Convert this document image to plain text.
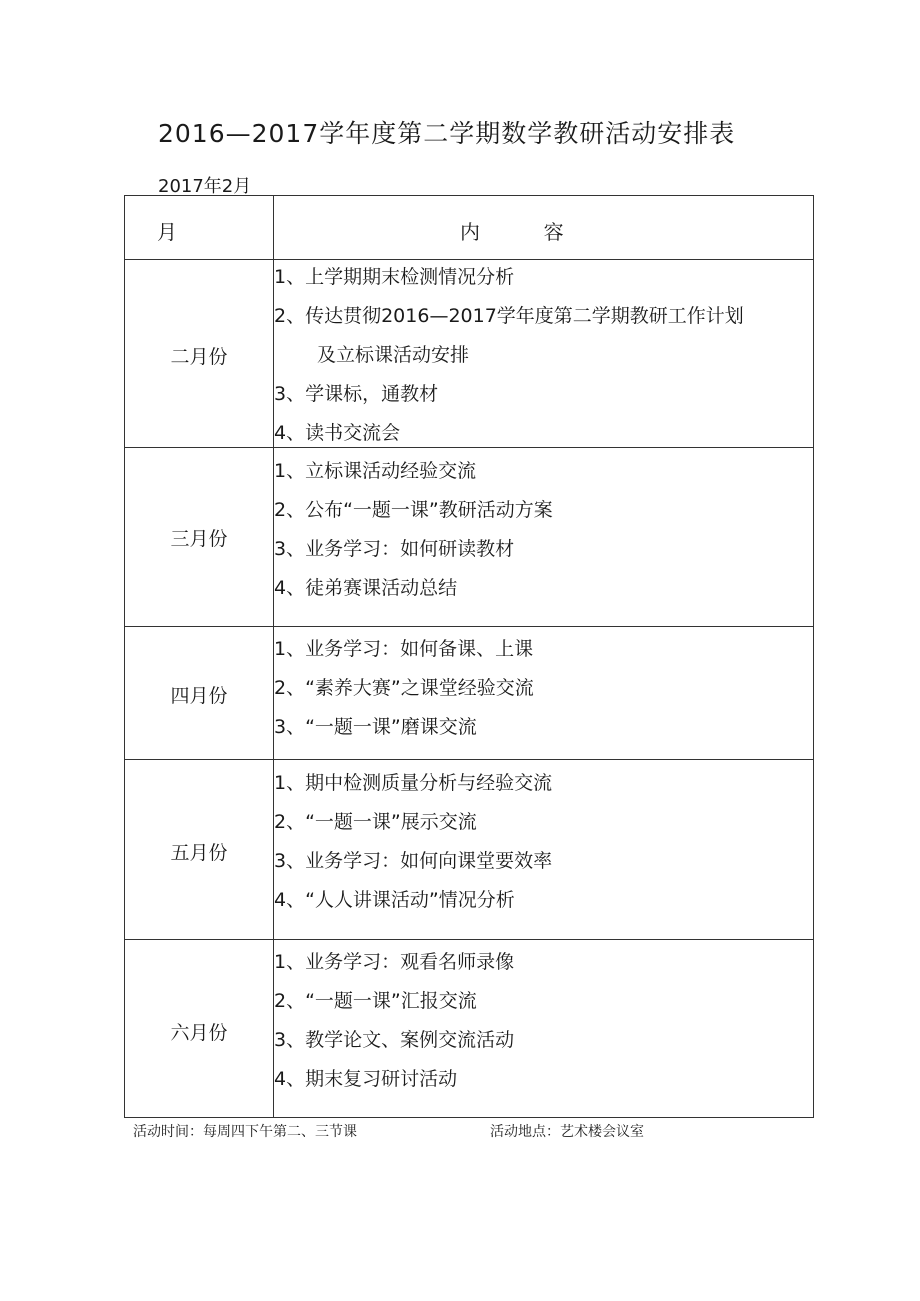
2016—2017学年度第二学期数学教研活动安排表
2017年2月
月	内          容
二月份
1、上学期期末检测情况分析
2、传达贯彻2016—2017学年度第二学期教研工作计划
及立标课活动安排
3、学课标，通教材
4、读书交流会
三月份
1、立标课活动经验交流
2、公布“一题一课”教研活动方案
3、业务学习：如何研读教材
4、徒弟赛课活动总结
四月份
1、业务学习：如何备课、上课
2、“素养大赛”之课堂经验交流
3、“一题一课”磨课交流
五月份
1、期中检测质量分析与经验交流
2、“一题一课”展示交流
3、业务学习：如何向课堂要效率
4、“人人讲课活动”情况分析
六月份
1、业务学习：观看名师录像
2、“一题一课”汇报交流
3、教学论文、案例交流活动
4、期末复习研讨活动
活动时间：每周四下午第二、三节课	活动地点：艺术楼会议室
